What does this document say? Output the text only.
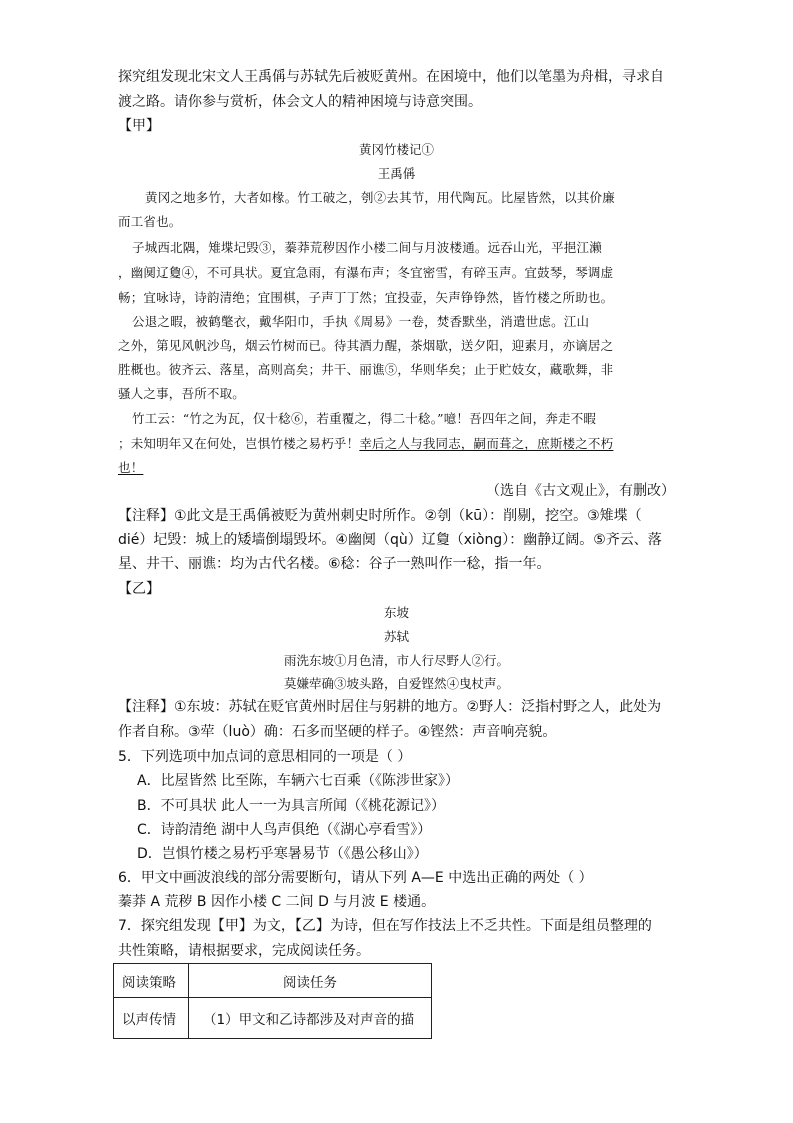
探究组发现北宋文人王禹偁与苏轼先后被贬黄州。在困境中，他们以笔墨为舟楫，寻求自
渡之路。请你参与赏析，体会文人的精神困境与诗意突围。
【甲】
黄冈竹楼记①
王禹偁
黄冈之地多竹，大者如椽。竹工破之，刳②去其节，用代陶瓦。比屋皆然，以其价廉
而工省也。
子城西北隅，雉堞圮毁③，蓁莽荒秽因作小楼二间与月波楼通。远吞山光，平挹江濑
，幽阒辽敻④，不可具状。夏宜急雨，有瀑布声；冬宜密雪，有碎玉声。宜鼓琴，琴调虚
畅；宜咏诗，诗韵清绝；宜围棋，子声丁丁然；宜投壶，矢声铮铮然，皆竹楼之所助也。
公退之暇，被鹤氅衣，戴华阳巾，手执《周易》一卷，焚香默坐，消遣世虑。江山
之外，第见风帆沙鸟，烟云竹树而已。待其酒力醒，茶烟歇，送夕阳，迎素月，亦谪居之
胜概也。彼齐云、落星，高则高矣；井干、丽谯⑤，华则华矣；止于贮妓女，藏歌舞，非
骚人之事，吾所不取。
竹工云：“竹之为瓦，仅十稔⑥，若重覆之，得二十稔。”噫！吾四年之间，奔走不暇
；未知明年又在何处，岂惧竹楼之易朽乎！幸后之人与我同志，嗣而葺之，庶斯楼之不朽
也！
（选自《古文观止》，有删改）
【注释】①此文是王禹偁被贬为黄州刺史时所作。②刳（kū）：削剔，挖空。③雉堞（
dié）圮毁：城上的矮墙倒塌毁坏。④幽阒（qù）辽敻（xiòng）：幽静辽阔。⑤齐云、落
星、井干、丽谯：均为古代名楼。⑥稔：谷子一熟叫作一稔，指一年。
【乙】
东坡
苏轼
雨洗东坡①月色清，市人行尽野人②行。
莫嫌荦确③坡头路，自爱铿然④曳杖声。
【注释】①东坡：苏轼在贬官黄州时居住与躬耕的地方。②野人：泛指村野之人，此处为
作者自称。③荦（luò）确：石多而坚硬的样子。④铿然：声音响亮貌。
5．下列选项中加点词的意思相同的一项是（ ）
A．比屋皆然 比至陈，车辆六七百乘（《陈涉世家》）
B．不可具状 此人一一为具言所闻（《桃花源记》）
C．诗韵清绝 湖中人鸟声俱绝（《湖心亭看雪》）
D．岂惧竹楼之易朽乎寒暑易节（《愚公移山》）
6．甲文中画波浪线的部分需要断句，请从下列 A—E 中选出正确的两处（ ）
蓁莽 A 荒秽 B 因作小楼 C 二间 D 与月波 E 楼通。
7．探究组发现【甲】为文，【乙】为诗，但在写作技法上不乏共性。下面是组员整理的
共性策略，请根据要求，完成阅读任务。
阅读策略	阅读任务
以声传情	（1）甲文和乙诗都涉及对声音的描
